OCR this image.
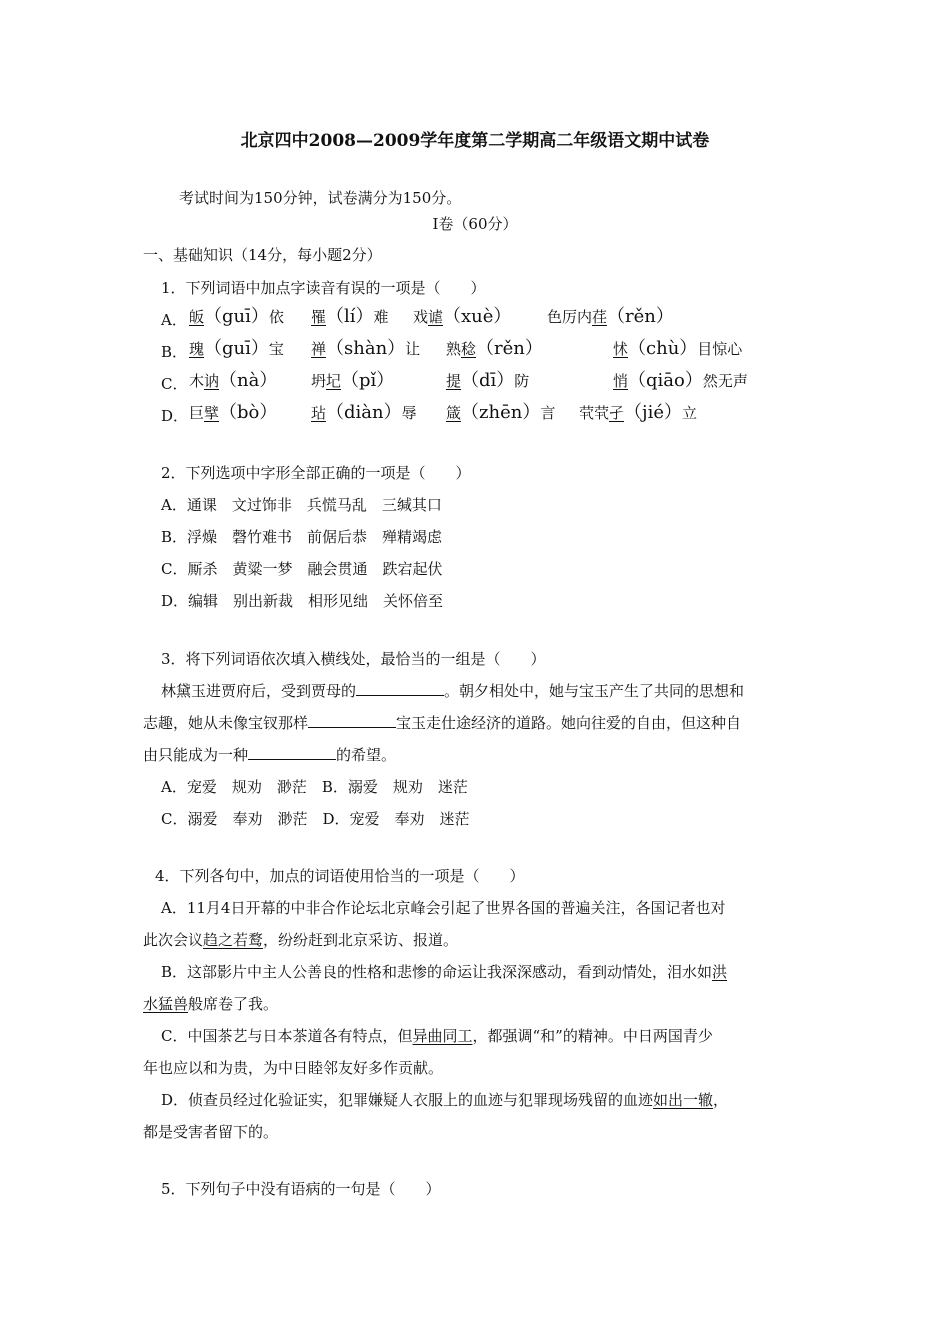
北京四中2008—2009学年度第二学期高二年级语文期中试卷
考试时间为150分钟，试卷满分为150分。
I卷（60分）
一、基础知识（14分，每小题2分）
1．下列词语中加点字读音有误的一项是（　　）
A． 皈（guī）依 罹（lí）难 戏谑（xuè） 色厉内荏（rěn）
B． 瑰（guī）宝 禅（shàn）让 熟稔（rěn）	怵（chù）目惊心
C． 木讷（nà） 坍圮（pǐ）	提（dī）防	悄（qiāo）然无声
D． 巨擘（bò） 玷（diàn）辱 箴（zhēn）言 茕茕孑（jié）立
2．下列选项中字形全部正确的一项是（　　）
A．通课　文过饰非　兵慌马乱　三缄其口
B．浮燥　磬竹难书　前倨后恭　殚精竭虑
C．厮杀　黄粱一梦　融会贯通　跌宕起伏
D．编辑　别出新裁　相形见绌　关怀倍至
3．将下列词语依次填入横线处，最恰当的一组是（　　）
林黛玉进贾府后，受到贾母的	。朝夕相处中，她与宝玉产生了共同的思想和
志趣，她从未像宝钗那样	宝玉走仕途经济的道路。她向往爱的自由，但这种自
由只能成为一种	的希望。
A．宠爱　规劝　渺茫　B．溺爱　规劝　迷茫
C．溺爱　奉劝　渺茫　D．宠爱　奉劝　迷茫
4．下列各句中，加点的词语使用恰当的一项是（　　）
A．11月4日开幕的中非合作论坛北京峰会引起了世界各国的普遍关注，各国记者也对
此次会议趋之若鹜，纷纷赶到北京采访、报道。
B．这部影片中主人公善良的性格和悲惨的命运让我深深感动，看到动情处，泪水如洪
水猛兽般席卷了我。
C．中国茶艺与日本茶道各有特点，但异曲同工，都强调“和”的精神。中日两国青少
年也应以和为贵，为中日睦邻友好多作贡献。
D．侦查员经过化验证实，犯罪嫌疑人衣服上的血迹与犯罪现场残留的血迹如出一辙，
都是受害者留下的。
5．下列句子中没有语病的一句是（　　）
